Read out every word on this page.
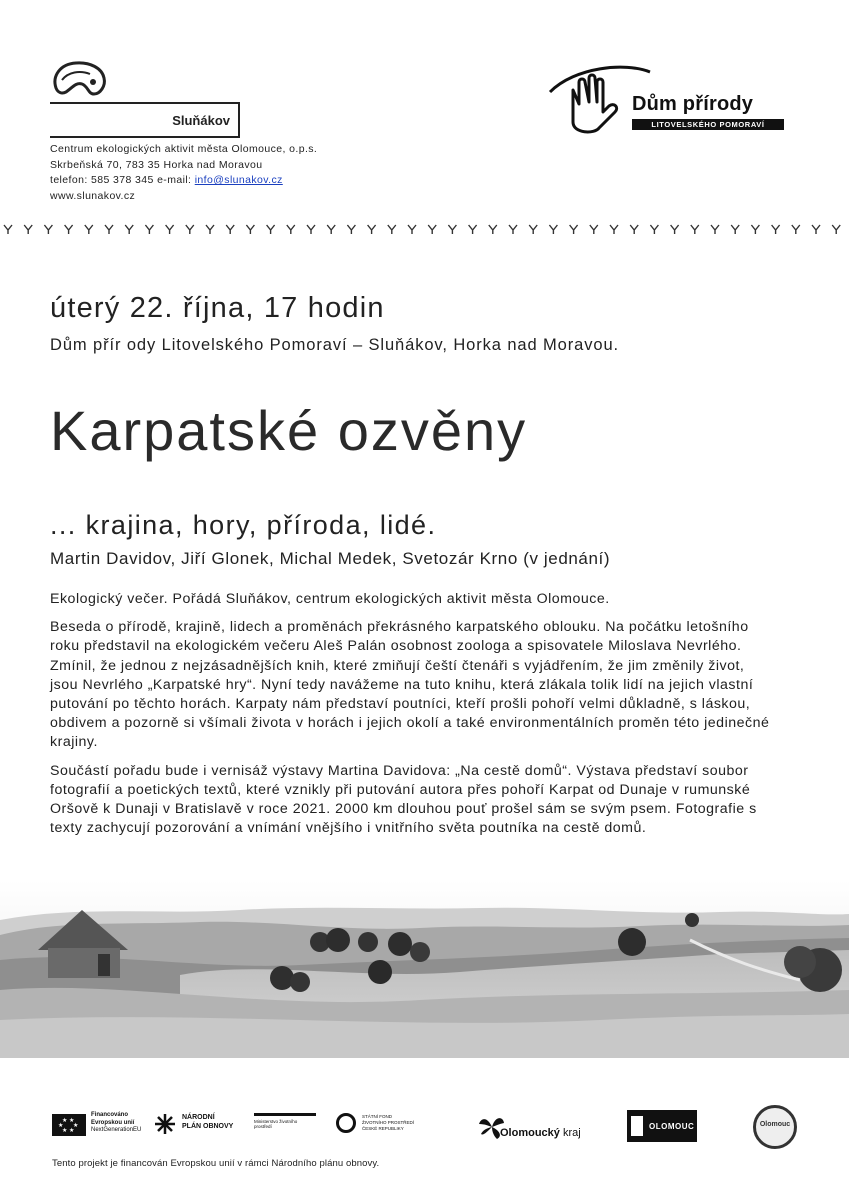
Sluňákov
Centrum ekologických aktivit města Olomouce, o.p.s.
Skrbeňská 70, 783 35 Horka nad Moravou
telefon: 585 378 345 e-mail: info@slunakov.cz
www.slunakov.cz
Dům přírody
LITOVELSKÉHO POMORAVÍ
úterý 22. října, 17 hodin
Dům přír ody Litovelského Pomoraví – Sluňákov, Horka nad Moravou.
Karpatské ozvěny
... krajina, hory, příroda, lidé.
Martin Davidov, Jiří Glonek, Michal Medek, Svetozár Krno (v jednání)

Ekologický večer. Pořádá Sluňákov, centrum ekologických aktivit města Olomouce.

Beseda o přírodě, krajině, lidech a proměnách překrásného karpatského oblouku. Na počátku letošního roku představil na ekologickém večeru Aleš Palán osobnost zoologa a spisovatele Miloslava Nevrlého. Zmínil, že jednou z nejzásadnějších knih, které zmiňují čeští čtenáři s vyjádřením, že jim změnily život, jsou Nevrlého „Karpatské hry“. Nyní tedy navážeme na tuto knihu, která zlákala tolik lidí na jejich vlastní putování po těchto horách. Karpaty nám představí poutníci, kteří prošli pohoří velmi důkladně, s láskou, obdivem a pozorně si všímali života v horách i jejich okolí a také environmentálních proměn této jedinečné krajiny.

Součástí pořadu bude i vernisáž výstavy Martina Davidova: „Na cestě domů“. Výstava představí soubor fotografií a poetických textů, které vznikly při putování autora přes pohoří Karpat od Dunaje v rumunské Oršově k Dunaji v Bratislavě v roce 2021. 2000 km dlouhou pouť prošel sám se svým psem. Fotografie s texty zachycují pozorování a vnímání vnějšího i vnitřního světa poutníka na cestě domů.

★ ★
★ ★
★ ★
Financováno
Evropskou unií
NextGenerationEU
NÁRODNÍ
PLÁN OBNOVY
Ministerstvo životního prostředí
STÁTNÍ FOND
ŽIVOTNÍHO PROSTŘEDÍ
ČESKÉ REPUBLIKY	Olomoucký kraj
OLOMOUC	Olomouc
Tento projekt je financován Evropskou unií v rámci Národního plánu obnovy.
